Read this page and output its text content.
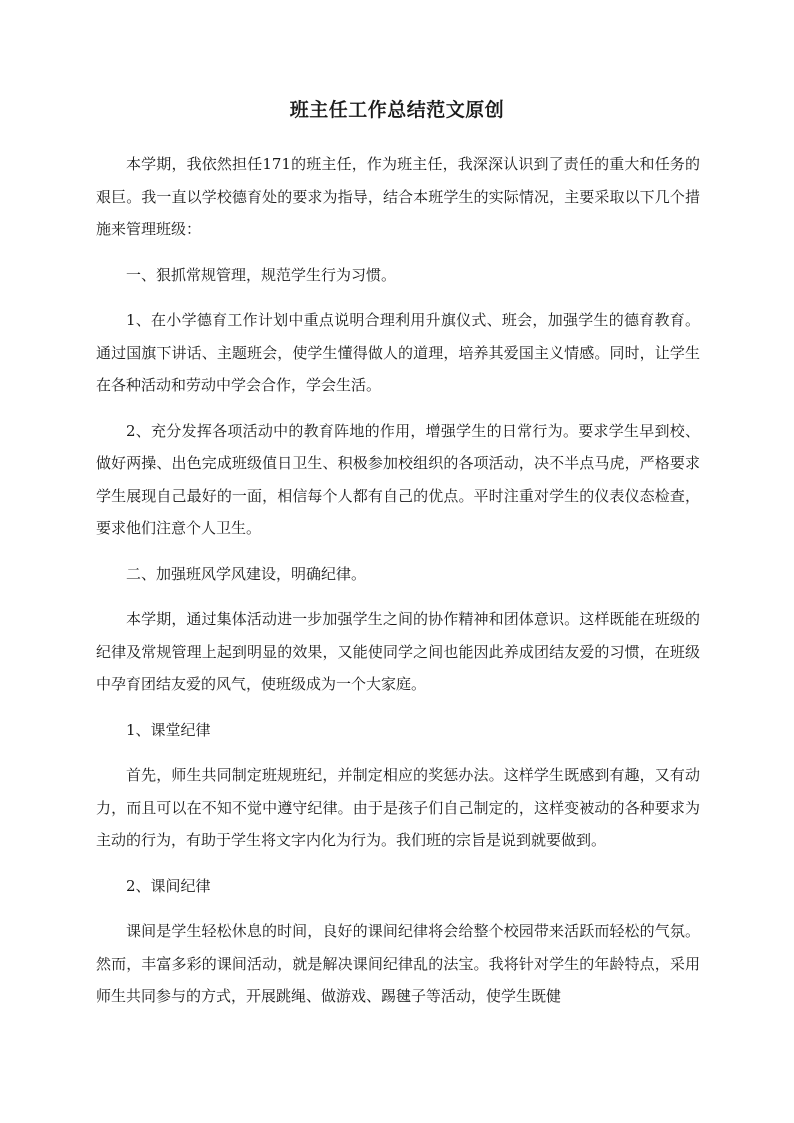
班主任工作总结范文原创

本学期，我依然担任171的班主任，作为班主任，我深深认识到了责任的重大和任务的艰巨。我一直以学校德育处的要求为指导，结合本班学生的实际情况，主要采取以下几个措施来管理班级：

一、狠抓常规管理，规范学生行为习惯。

1、在小学德育工作计划中重点说明合理利用升旗仪式、班会，加强学生的德育教育。通过国旗下讲话、主题班会，使学生懂得做人的道理，培养其爱国主义情感。同时，让学生在各种活动和劳动中学会合作，学会生活。

2、充分发挥各项活动中的教育阵地的作用，增强学生的日常行为。要求学生早到校、做好两操、出色完成班级值日卫生、积极参加校组织的各项活动，决不半点马虎，严格要求学生展现自己最好的一面，相信每个人都有自己的优点。平时注重对学生的仪表仪态检查，要求他们注意个人卫生。

二、加强班风学风建设，明确纪律。

本学期，通过集体活动进一步加强学生之间的协作精神和团体意识。这样既能在班级的纪律及常规管理上起到明显的效果，又能使同学之间也能因此养成团结友爱的习惯，在班级中孕育团结友爱的风气，使班级成为一个大家庭。

1、课堂纪律

首先，师生共同制定班规班纪，并制定相应的奖惩办法。这样学生既感到有趣，又有动力，而且可以在不知不觉中遵守纪律。由于是孩子们自己制定的，这样变被动的各种要求为主动的行为，有助于学生将文字内化为行为。我们班的宗旨是说到就要做到。

2、课间纪律

课间是学生轻松休息的时间，良好的课间纪律将会给整个校园带来活跃而轻松的气氛。然而，丰富多彩的课间活动，就是解决课间纪律乱的法宝。我将针对学生的年龄特点，采用师生共同参与的方式，开展跳绳、做游戏、踢毽子等活动，使学生既健
